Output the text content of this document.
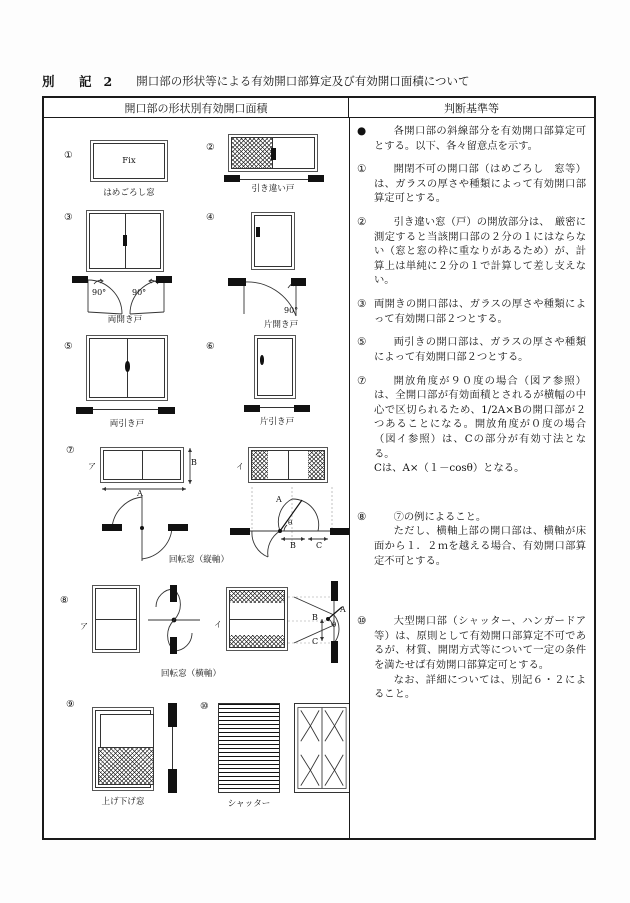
別　記 2 開口部の形状等による有効開口部算定及び有効開口面積について
開口部の形状別有効開口面積	判断基準等
①	Fix
はめごろし窓
②
引き違い戸
③
90°	90°
両開き戸
④
90°
片開き戸
⑤
両引き戸
⑥
片引き戸
⑦
ア	B
A
イ
A
θ
B	C
回転窓（縦軸）
⑧
ア	イ
A
θ
B
C
回転窓（横軸）
⑨
上げ下げ窓
⑩
シャッター
●	各開口部の斜線部分を有効開口部算定可とする。以下、各々留意点を示す。

①	開閉不可の開口部（はめごろし　窓等）は、ガラスの厚さや種類によって有効開口部算定可とする。

②	引き違い窓（戸）の開放部分は、　厳密に測定すると当該開口部の２分の１にはならない（窓と窓の枠に重なりがあるため）が、計算上は単純に２分の１で計算して差し支えない。

③ 両開きの開口部は、ガラスの厚さや種類によって有効開口部２つとする。

⑤	両引きの開口部は、ガラスの厚さや種類によって有効開口部２つとする。

⑦	開放角度が９０度の場合（図ア参照）は、全開口部が有効面積とされるが横幅の中心で区切られるため、1/2A×Bの開口部が２つあることになる。開放角度が０度の場合（図イ参照）は、Cの部分が有効寸法となる。

Cは、A×（１－cosθ）となる。

⑧	⑦の例によること。

ただし、横軸上部の開口部は、横軸が床面から１．２ｍを越える場合、有効開口部算定不可とする。

⑩	大型開口部（シャッター、ハンガードア等）は、原則として有効開口部算定不可であるが、材質、開閉方式等について一定の条件を満たせば有効開口部算定可とする。

なお、詳細については、別記６・２によること。
